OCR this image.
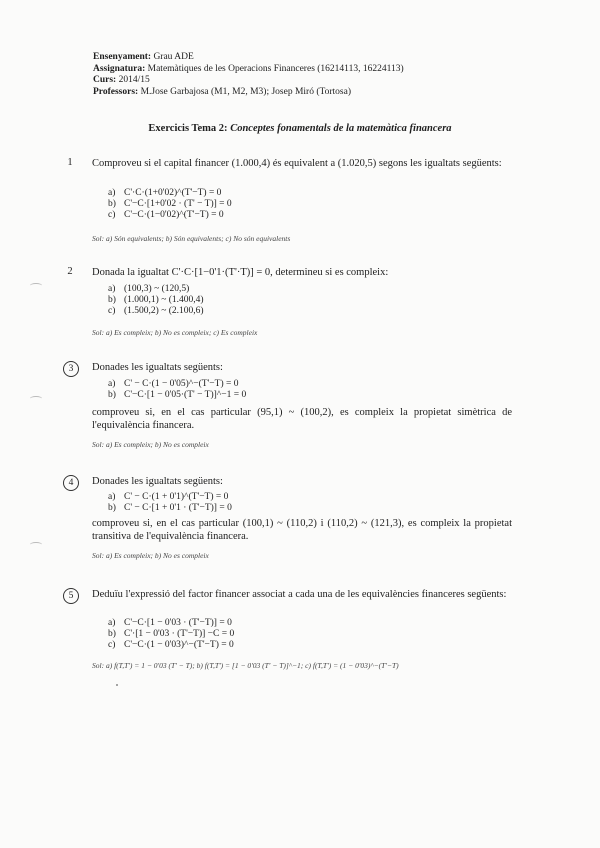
Ensenyament: Grau ADE
Assignatura: Matemàtiques de les Operacions Financeres (16214113, 16224113)
Curs: 2014/15
Professors: M.Jose Garbajosa (M1, M2, M3); Josep Miró (Tortosa)
Exercicis Tema 2: Conceptes fonamentals de la matemàtica financera
1	Comproveu si el capital financer (1.000,4) és equivalent a (1.020,5) segons les igualtats següents:
a) C'·C·(1+0'02)^(T'−T) = 0
b) C'−C·[1+0'02 · (T' − T)] = 0
c) C'−C·(1−0'02)^(T'−T) = 0
Sol: a) Són equivalents; b) Són equivalents; c) No són equivalents
2	Donada la igualtat C'·C·[1−0'1·(T'·T)] = 0, determineu si es compleix:
a) (100,3) ~ (120,5)
b) (1.000,1) ~ (1.400,4)
c) (1.500,2) ~ (2.100,6)
Sol: a) Es compleix; b) No es compleix; c) Es compleix
3	Donades les igualtats següents:
a) C' − C·(1 − 0'05)^−(T'−T) = 0
b) C'−C·[1 − 0'05·(T' − T)]^−1 = 0
comproveu si, en el cas particular (95,1) ~ (100,2), es compleix la propietat simètrica de l'equivalència financera.
Sol: a) Es compleix; b) No es compleix
4	Donades les igualtats següents:
a) C' − C·(1 + 0'1)^(T'−T) = 0
b) C' − C·[1 + 0'1 · (T'−T)] = 0
comproveu si, en el cas particular (100,1) ~ (110,2) i (110,2) ~ (121,3), es compleix la propietat transitiva de l'equivalència financera.
Sol: a) Es compleix; b) No es compleix
5	Deduïu l'expressió del factor financer associat a cada una de les equivalències financeres següents:
a) C'−C·[1 − 0'03 · (T'−T)] = 0
b) C'·[1 − 0'03 · (T'−T)] −C = 0
c) C'−C·(1 − 0'03)^−(T'−T) = 0
Sol: a) f(T,T') = 1 − 0'03 (T' − T); b) f(T,T') = [1 − 0'03 (T' − T)]^−1; c) f(T,T') = (1 − 0'03)^−(T'−T)
